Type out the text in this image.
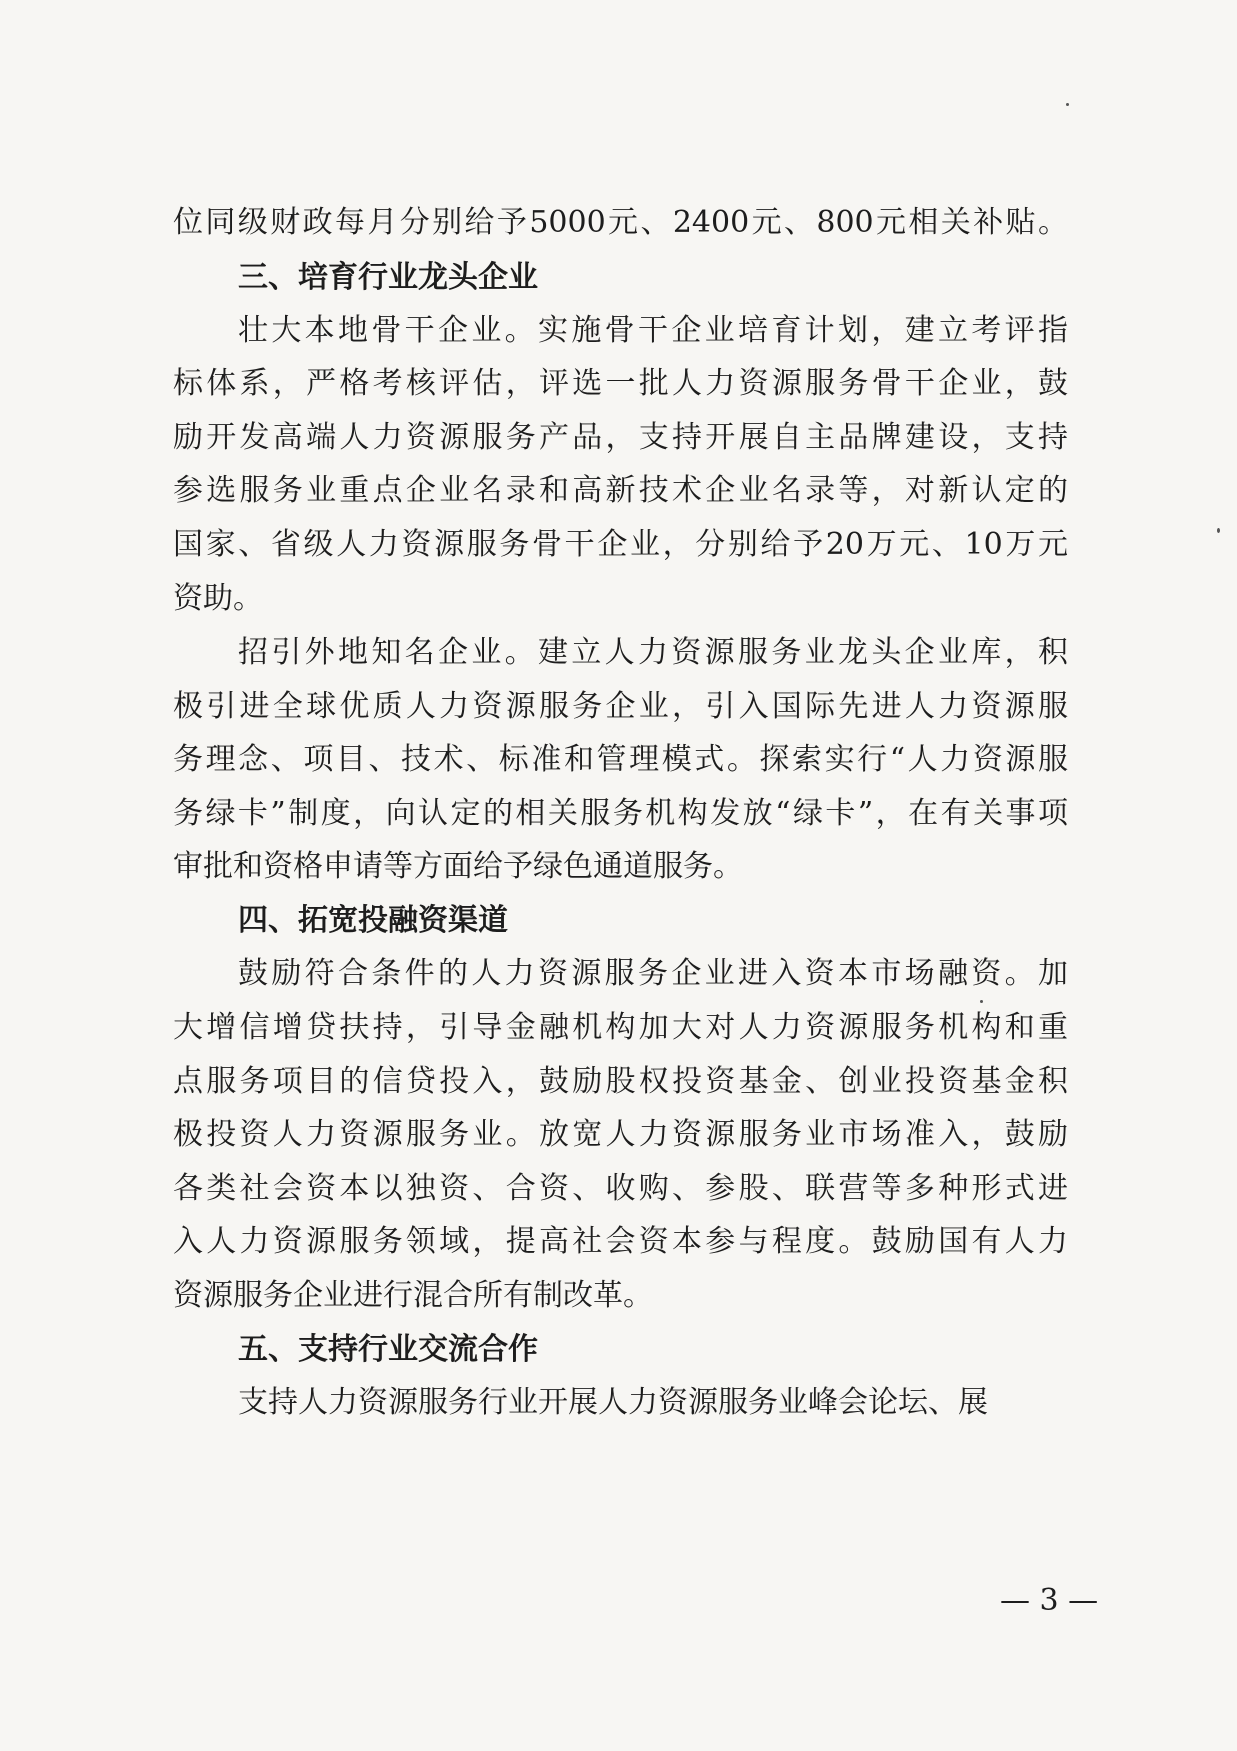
位同级财政每月分别给予5000元、2400元、800元相关补贴。
三、培育行业龙头企业
壮大本地骨干企业。实施骨干企业培育计划，建立考评指
标体系，严格考核评估，评选一批人力资源服务骨干企业，鼓
励开发高端人力资源服务产品，支持开展自主品牌建设，支持
参选服务业重点企业名录和高新技术企业名录等，对新认定的
国家、省级人力资源服务骨干企业，分别给予20万元、10万元
资助。
招引外地知名企业。建立人力资源服务业龙头企业库，积
极引进全球优质人力资源服务企业，引入国际先进人力资源服
务理念、项目、技术、标准和管理模式。探索实行“人力资源服
务绿卡”制度，向认定的相关服务机构发放“绿卡”，在有关事项
审批和资格申请等方面给予绿色通道服务。
四、拓宽投融资渠道
鼓励符合条件的人力资源服务企业进入资本市场融资。加
大增信增贷扶持，引导金融机构加大对人力资源服务机构和重
点服务项目的信贷投入，鼓励股权投资基金、创业投资基金积
极投资人力资源服务业。放宽人力资源服务业市场准入，鼓励
各类社会资本以独资、合资、收购、参股、联营等多种形式进
入人力资源服务领域，提高社会资本参与程度。鼓励国有人力
资源服务企业进行混合所有制改革。
五、支持行业交流合作
支持人力资源服务行业开展人力资源服务业峰会论坛、展
— 3 —
